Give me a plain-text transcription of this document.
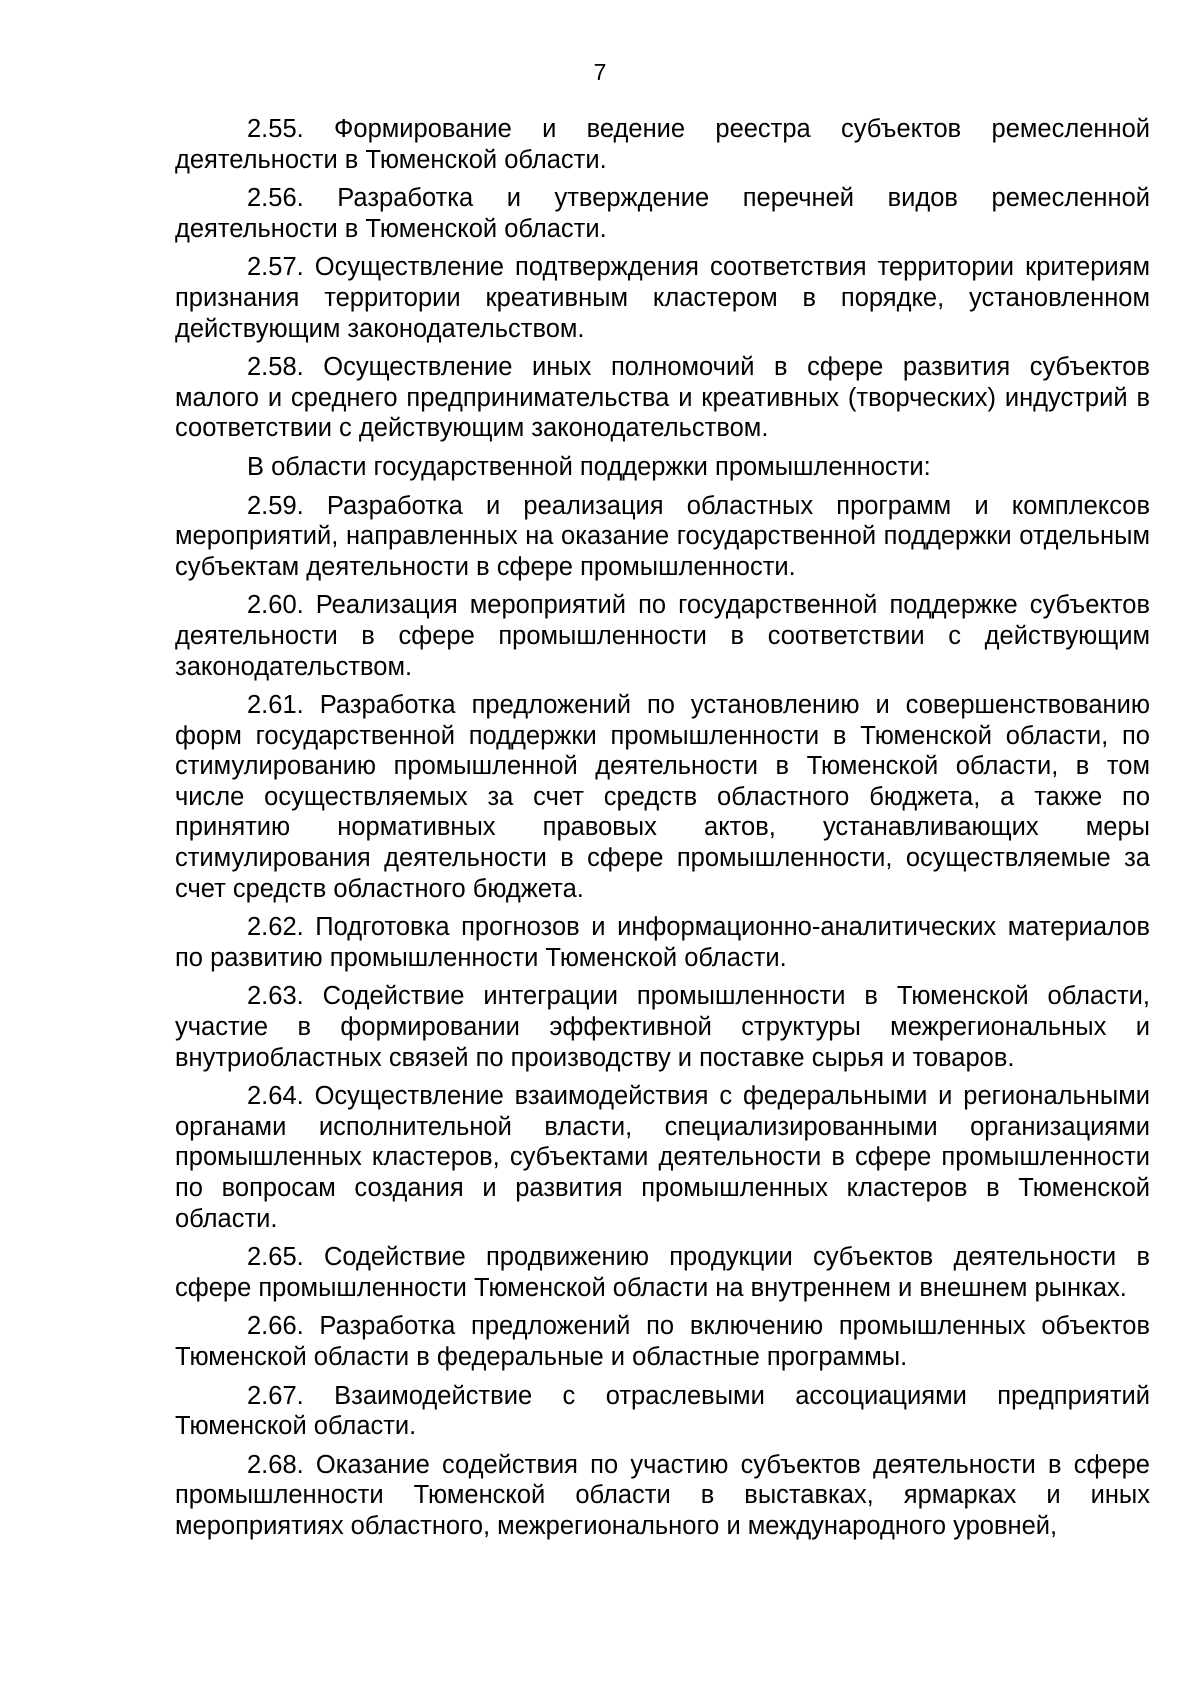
7

2.55. Формирование и ведение реестра субъектов ремесленной деятельности в Тюменской области.

2.56. Разработка и утверждение перечней видов ремесленной деятельности в Тюменской области.

2.57. Осуществление подтверждения соответствия территории критериям признания территории креативным кластером в порядке, установленном действующим законодательством.

2.58. Осуществление иных полномочий в сфере развития субъектов малого и среднего предпринимательства и креативных (творческих) индустрий в соответствии с действующим законодательством.

В области государственной поддержки промышленности:

2.59. Разработка и реализация областных программ и комплексов мероприятий, направленных на оказание государственной поддержки отдельным субъектам деятельности в сфере промышленности.

2.60. Реализация мероприятий по государственной поддержке субъектов деятельности в сфере промышленности в соответствии с действующим законодательством.

2.61. Разработка предложений по установлению и совершенствованию форм государственной поддержки промышленности в Тюменской области, по стимулированию промышленной деятельности в Тюменской области, в том числе осуществляемых за счет средств областного бюджета, а также по принятию нормативных правовых актов, устанавливающих меры стимулирования деятельности в сфере промышленности, осуществляемые за счет средств областного бюджета.

2.62. Подготовка прогнозов и информационно-аналитических материалов по развитию промышленности Тюменской области.

2.63. Содействие интеграции промышленности в Тюменской области, участие в формировании эффективной структуры межрегиональных и внутриобластных связей по производству и поставке сырья и товаров.

2.64. Осуществление взаимодействия с федеральными и региональными органами исполнительной власти, специализированными организациями промышленных кластеров, субъектами деятельности в сфере промышленности по вопросам создания и развития промышленных кластеров в Тюменской области.

2.65. Содействие продвижению продукции субъектов деятельности в сфере промышленности Тюменской области на внутреннем и внешнем рынках.

2.66. Разработка предложений по включению промышленных объектов Тюменской области в федеральные и областные программы.

2.67. Взаимодействие с отраслевыми ассоциациями предприятий Тюменской области.

2.68. Оказание содействия по участию субъектов деятельности в сфере промышленности Тюменской области в выставках, ярмарках и иных мероприятиях областного, межрегионального и международного уровней,
